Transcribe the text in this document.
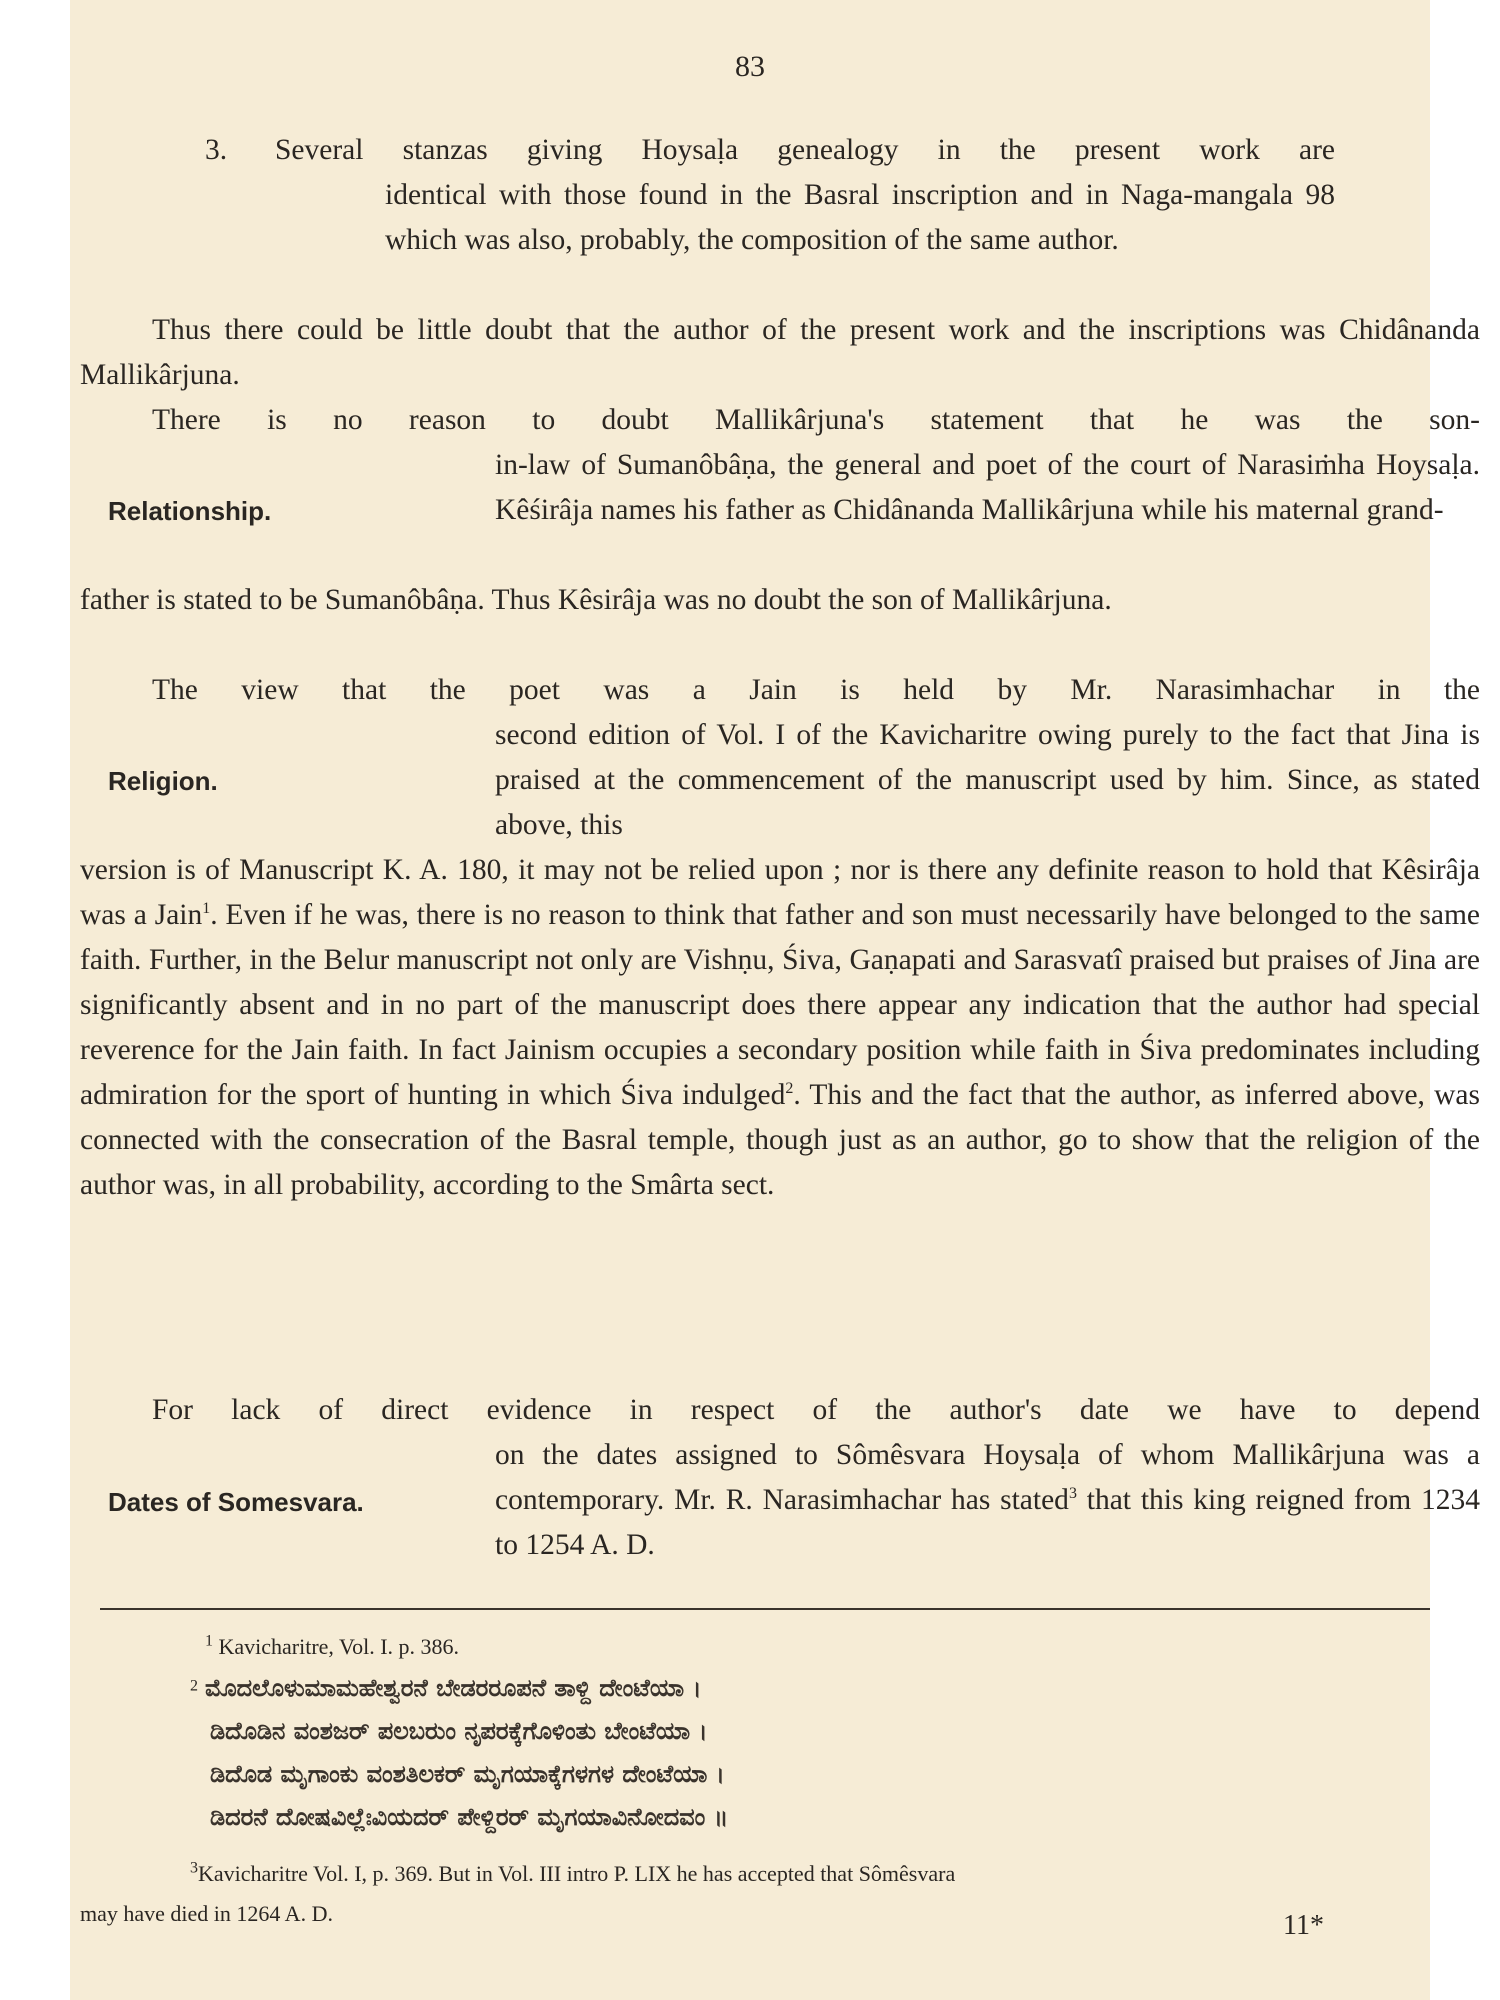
83
3.	Several stanzas giving Hoysaḷa genealogy in the present work are
identical with those found in the Basral inscription and in Naga-mangala 98 which was also, probably, the composition of the same author.

Thus there could be little doubt that the author of the present work and the inscriptions was Chidânanda Mallikârjuna.

There is no reason to doubt Mallikârjuna's statement that he was the son-

Relationship.

in-law of Sumanôbâṇa, the general and poet of the court of Narasiṁha Hoysaḷa. Kêśirâja names his father as Chidânanda Mallikârjuna while his maternal grand-

father is stated to be Sumanôbâṇa. Thus Kêsirâja was no doubt the son of Mallikârjuna.

The view that the poet was a Jain is held by Mr. Narasimhachar in the

Religion.

second edition of Vol. I of the Kavicharitre owing purely to the fact that Jina is praised at the commencement of the manuscript used by him. Since, as stated above, this

version is of Manuscript K. A. 180, it may not be relied upon ; nor is there any definite reason to hold that Kêsirâja was a Jain$^1$. Even if he was, there is no reason to think that father and son must necessarily have belonged to the same faith. Further, in the Belur manuscript not only are Vishṇu, Śiva, Gaṇapati and Sarasvatî praised but praises of Jina are significantly absent and in no part of the manuscript does there appear any indication that the author had special reverence for the Jain faith. In fact Jainism occupies a secondary position while faith in Śiva predominates including admiration for the sport of hunting in which Śiva indulged$^2$. This and the fact that the author, as inferred above, was connected with the consecration of the Basral temple, though just as an author, go to show that the religion of the author was, in all probability, according to the Smârta sect.

For lack of direct evidence in respect of the author's date we have to depend

Dates of Somesvara.

on the dates assigned to Sômêsvara Hoysaḷa of whom Mallikârjuna was a contemporary. Mr. R. Narasimhachar has stated$^3$ that this king reigned from 1234 to 1254 A. D.

$^1$ Kavicharitre, Vol. I. p. 386.
$^2$ ಮೊದಲೊಳುಮಾಮಹೇಶ್ವರನೆ ಬೇಡರರೂಪನೆ ತಾಳ್ದಿ ದೇಂಟೆಯಾ ।
ಡಿದೊಡಿನ ವಂಶಜರ್ ಪಲಬರುಂ ನೃಪರಕ್ಕೆಗೊಳಿಂತು ಬೇಂಟೆಯಾ ।
ಡಿದೊಡ ಮೃಗಾಂಕು ವಂಶತಿಲಕರ್ ಮೃಗಯಾಕ್ಕೆಗಳಗಳ ದೇಂಟೆಯಾ ।
ಡಿದರನೆ ದೋಷವಿಲ್ಲೆಃವಿಯದರ್ ಪೇಳ್ದಿರರ್ ಮೃಗಯಾವಿನೋದವಂ ॥
$^3$Kavicharitre Vol. I, p. 369. But in Vol. III intro P. LIX he has accepted that Sômêsvara
may have died in 1264 A. D.	11*
